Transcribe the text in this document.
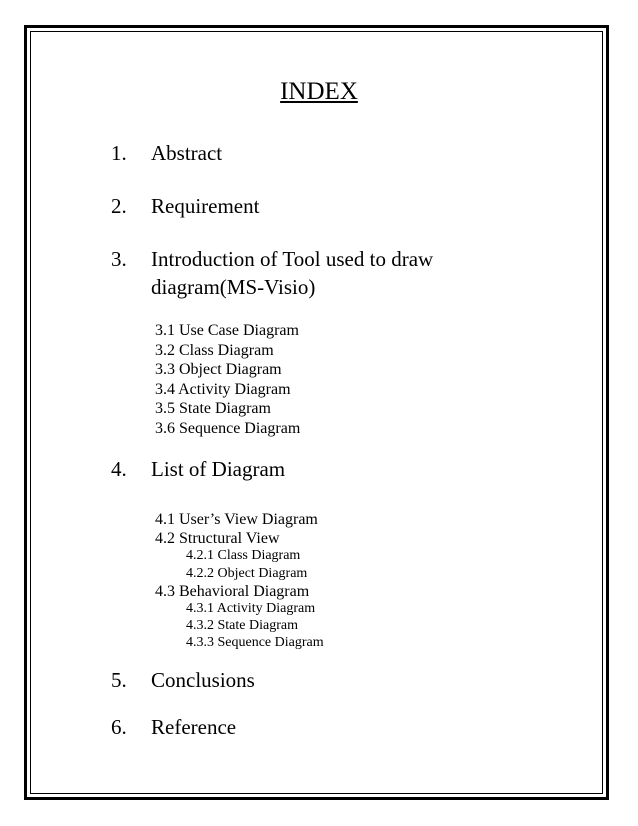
INDEX
1.	Abstract
2.	Requirement
3.	Introduction of Tool used to draw diagram(MS-Visio)
3.1 Use Case Diagram
3.2 Class Diagram
3.3 Object Diagram
3.4 Activity Diagram
3.5 State Diagram
3.6 Sequence Diagram
4.	List of Diagram
4.1 User’s View Diagram
4.2 Structural View
4.2.1 Class Diagram
4.2.2 Object Diagram
4.3 Behavioral Diagram
4.3.1 Activity Diagram
4.3.2 State Diagram
4.3.3 Sequence Diagram
5.	Conclusions
6.	Reference
